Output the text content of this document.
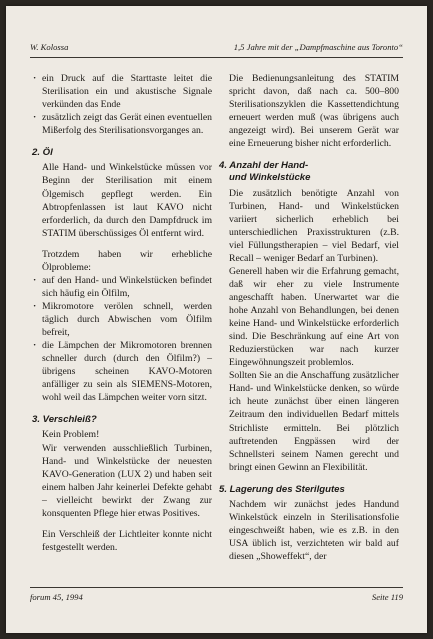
W. Kolossa	1,5 Jahre mit der „Dampfmaschine aus Toronto“
· ein Druck auf die Starttaste leitet die Sterilisation ein und akustische Signale verkünden das Ende
· zusätzlich zeigt das Gerät einen eventuellen Mißerfolg des Sterilisationsvorganges an.
2. Öl

Alle Hand- und Winkelstücke müssen vor Beginn der Sterilisation mit einem Ölgemisch gepflegt werden. Ein Abtropfenlassen ist laut KAVO nicht erforderlich, da durch den Dampfdruck im STATIM überschüssiges Öl entfernt wird.

Trotzdem haben wir erhebliche Ölprobleme:

· auf den Hand- und Winkelstücken befindet sich häufig ein Ölfilm,
· Mikromotore verölen schnell, werden täglich durch Abwischen vom Ölfilm befreit,
· die Lämpchen der Mikromotoren brennen schneller durch (durch den Ölfilm?) – übrigens scheinen KAVO-Motoren anfälliger zu sein als SIEMENS-Motoren, wohl weil das Lämpchen weiter vorn sitzt.
3. Verschleiß?

Kein Problem!

Wir verwenden ausschließlich Turbinen, Hand- und Winkelstücke der neuesten KAVO-Generation (LUX 2) und haben seit einem halben Jahr keinerlei Defekte gehabt – vielleicht bewirkt der Zwang zur konsquenten Pflege hier etwas Positives.

Ein Verschleiß der Lichtleiter konnte nicht festgestellt werden.

Die Bedienungsanleitung des STATIM spricht davon, daß nach ca. 500–800 Sterilisationszyklen die Kassettendichtung erneuert werden muß (was übrigens auch angezeigt wird). Bei unserem Gerät war eine Erneuerung bisher nicht erforderlich.

4. Anzahl der Hand-
und Winkelstücke

Die zusätzlich benötigte Anzahl von Turbinen, Hand- und Winkelstücken variiert sicherlich erheblich bei unterschiedlichen Praxisstrukturen (z.B. viel Füllungstherapien – viel Bedarf, viel Recall – weniger Bedarf an Turbinen).

Generell haben wir die Erfahrung gemacht, daß wir eher zu viele Instrumente angeschafft haben. Unerwartet war die hohe Anzahl von Behandlungen, bei denen keine Hand- und Winkelstücke erforderlich sind. Die Beschränkung auf eine Art von Reduzierstücken war nach kurzer Eingewöhnungszeit problemlos.

Sollten Sie an die Anschaffung zusätzlicher Hand- und Winkelstücke denken, so würde ich heute zunächst über einen längeren Zeitraum den individuellen Bedarf mittels Strichliste ermitteln. Bei plötzlich auftretenden Engpässen wird der Schnellsteri seinem Namen gerecht und bringt einen Gewinn an Flexibilität.

5. Lagerung des Sterilgutes

Nachdem wir zunächst jedes Handund Winkelstück einzeln in Sterilisationsfolie eingeschweißt haben, wie es z.B. in den USA üblich ist, verzichteten wir bald auf diesen „Showeffekt“, der

forum 45, 1994	Seite 119
